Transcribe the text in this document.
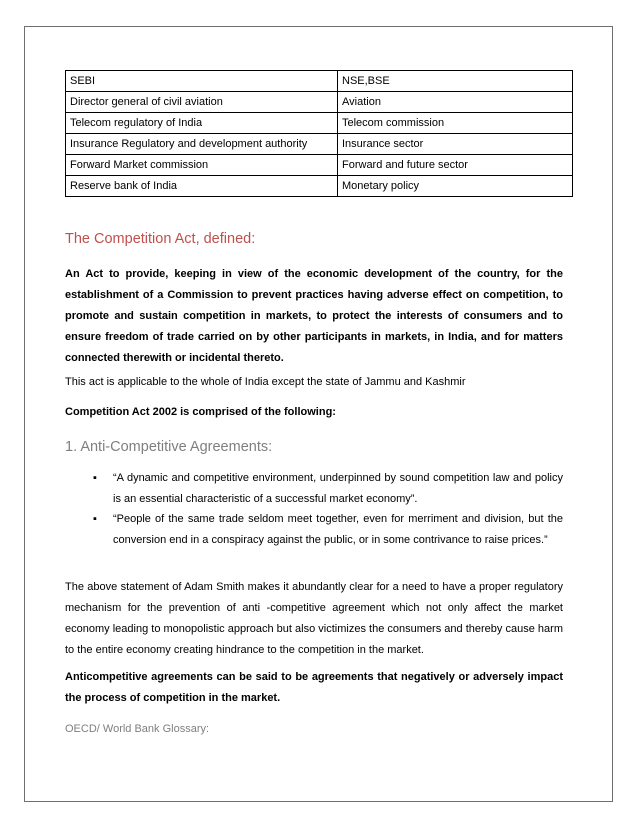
SEBI	NSE,BSE
Director general of civil aviation	Aviation
Telecom regulatory of India	Telecom commission
Insurance Regulatory and development authority	Insurance sector
Forward Market commission	Forward and future sector
Reserve bank of India	Monetary policy
The Competition Act, defined:
An Act to provide, keeping in view of the economic development of the country, for the establishment of a Commission to prevent practices having adverse effect on competition, to promote and sustain competition in markets, to protect the interests of consumers and to ensure freedom of trade carried on by other participants in markets, in India, and for matters connected therewith or incidental thereto.
This act is applicable to the whole of India except the state of Jammu and Kashmir
Competition Act 2002 is comprised of the following:
1. Anti-Competitive Agreements:
▪ “A dynamic and competitive environment, underpinned by sound competition law and policy is an essential characteristic of a successful market economy”.
▪ “People of the same trade seldom meet together, even for merriment and division, but the conversion end in a conspiracy against the public, or in some contrivance to raise prices.”
The above statement of Adam Smith makes it abundantly clear for a need to have a proper regulatory mechanism for the prevention of anti -competitive agreement which not only affect the market economy leading to monopolistic approach but also victimizes the consumers and thereby cause harm to the entire economy creating hindrance to the competition in the market.
Anticompetitive agreements can be said to be agreements that negatively or adversely impact the process of competition in the market.
OECD/ World Bank Glossary:
